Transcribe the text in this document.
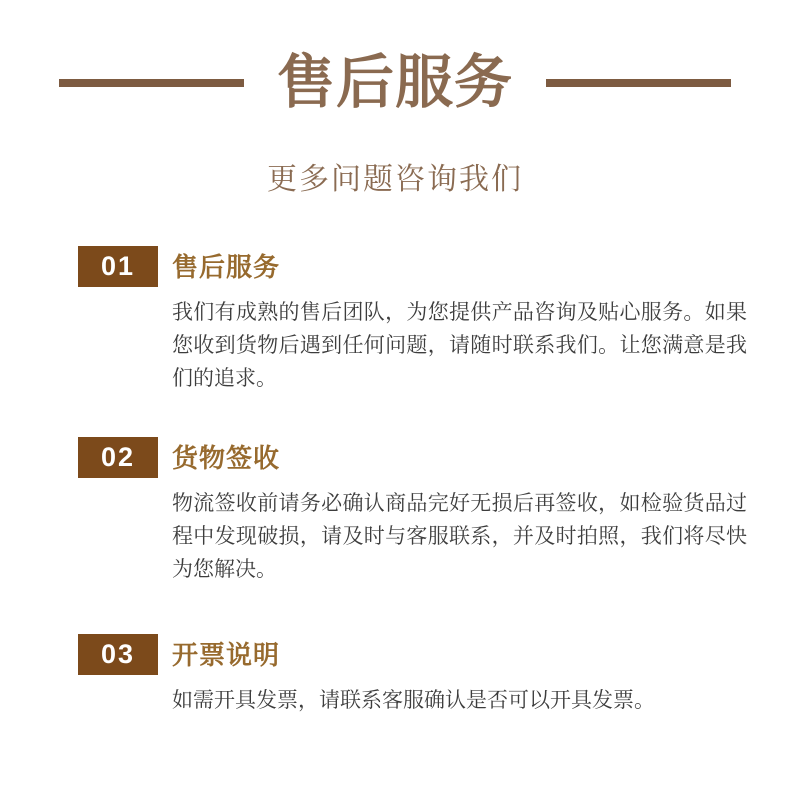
售后服务

更多问题咨询我们

01	售后服务

我们有成熟的售后团队，为您提供产品咨询及贴心服务。如果您收到货物后遇到任何问题，请随时联系我们。让您满意是我们的追求。

02	货物签收

物流签收前请务必确认商品完好无损后再签收，如检验货品过程中发现破损，请及时与客服联系，并及时拍照，我们将尽快为您解决。

03	开票说明

如需开具发票，请联系客服确认是否可以开具发票。
